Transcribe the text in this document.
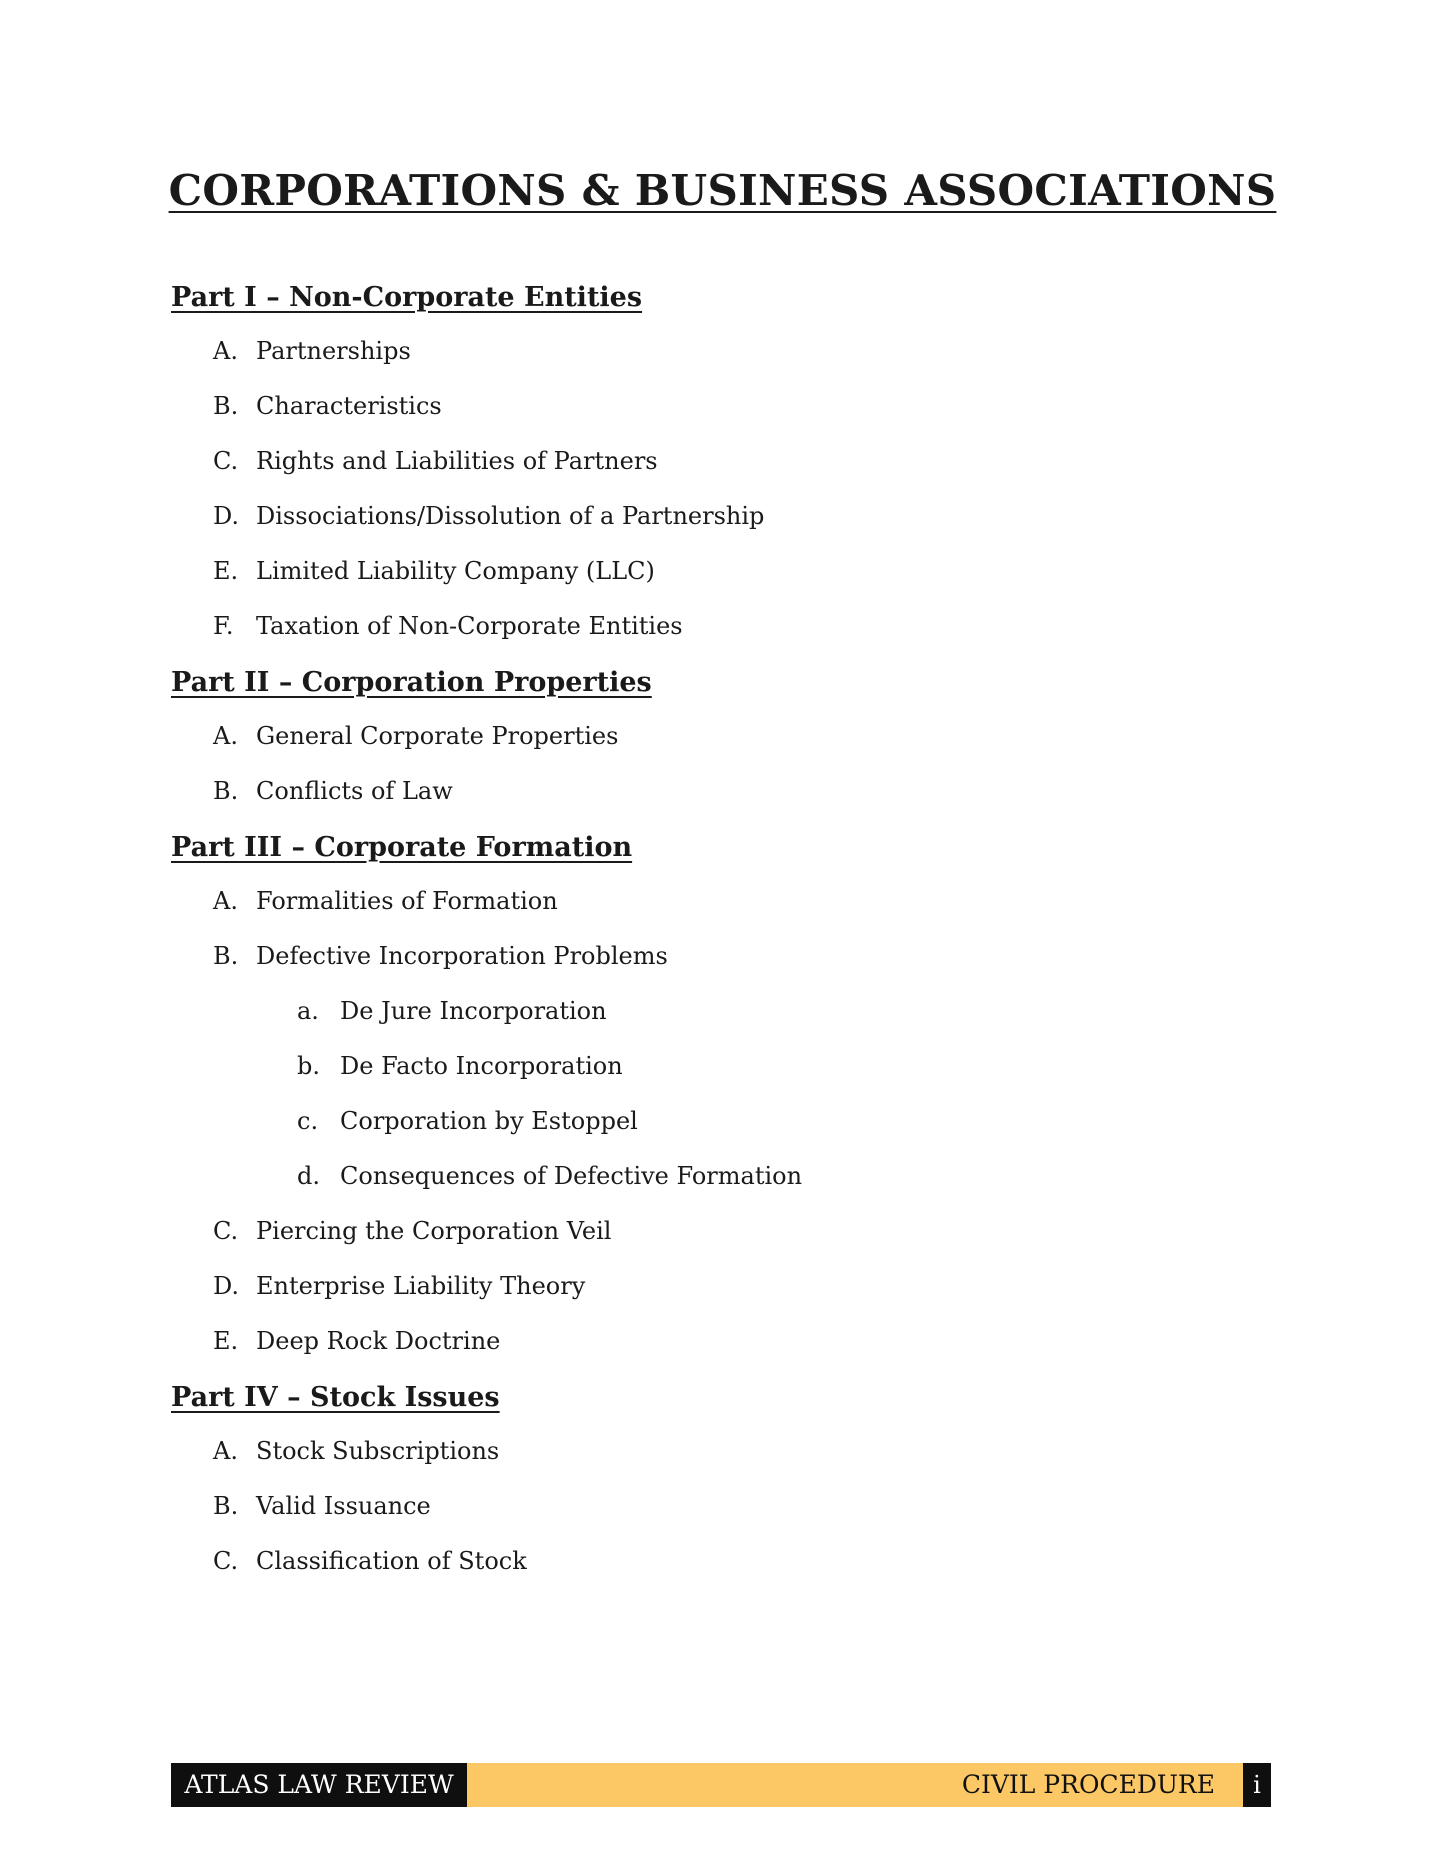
CORPORATIONS & BUSINESS ASSOCIATIONS
Part I – Non-Corporate Entities
A. Partnerships
B. Characteristics
C. Rights and Liabilities of Partners
D. Dissociations/Dissolution of a Partnership
E. Limited Liability Company (LLC)
F. Taxation of Non-Corporate Entities
Part II – Corporation Properties
A. General Corporate Properties
B. Conflicts of Law
Part III – Corporate Formation
A. Formalities of Formation
B. Defective Incorporation Problems
a. De Jure Incorporation
b. De Facto Incorporation
c. Corporation by Estoppel
d. Consequences of Defective Formation
C. Piercing the Corporation Veil
D. Enterprise Liability Theory
E. Deep Rock Doctrine
Part IV – Stock Issues
A. Stock Subscriptions
B. Valid Issuance
C. Classification of Stock
ATLAS LAW REVIEW	CIVIL PROCEDURE	i
